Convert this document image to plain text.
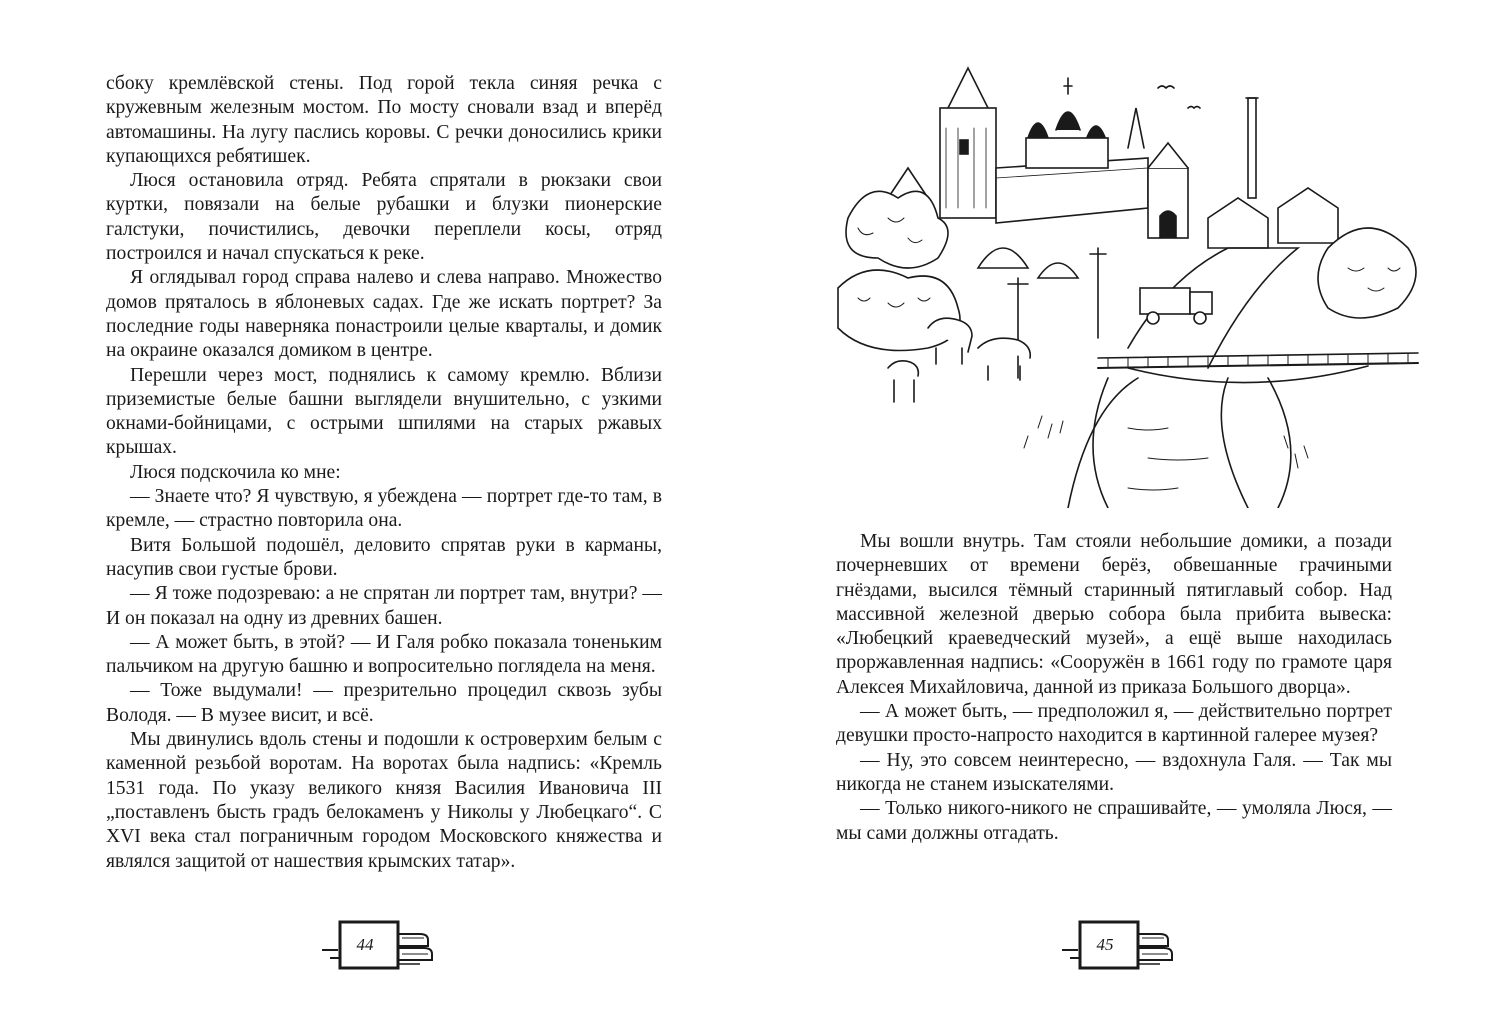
сбоку кремлёвской стены. Под горой текла синяя речка с кружевным железным мостом. По мосту сновали взад и вперёд автомашины. На лугу паслись коровы. С речки доносились крики купающихся ребятишек.

Люся остановила отряд. Ребята спрятали в рюкзаки свои куртки, повязали на белые рубашки и блузки пионерские галстуки, почистились, девочки переплели косы, отряд построился и начал спускаться к реке.

Я оглядывал город справа налево и слева направо. Множество домов пряталось в яблоневых садах. Где же искать портрет? За последние годы наверняка понастроили целые кварталы, и домик на окраине оказался домиком в центре.

Перешли через мост, поднялись к самому кремлю. Вблизи приземистые белые башни выглядели внушительно, с узкими окнами-бойницами, с острыми шпилями на старых ржавых крышах.

Люся подскочила ко мне:

— Знаете что? Я чувствую, я убеждена — портрет где-то там, в кремле, — страстно повторила она.

Витя Большой подошёл, деловито спрятав руки в карманы, насупив свои густые брови.

— Я тоже подозреваю: а не спрятан ли портрет там, внутри? — И он показал на одну из древних башен.

— А может быть, в этой? — И Галя робко показала тоненьким пальчиком на другую башню и вопросительно поглядела на меня.

— Тоже выдумали! — презрительно процедил сквозь зубы Володя. — В музее висит, и всё.

Мы двинулись вдоль стены и подошли к островерхим белым с каменной резьбой воротам. На воротах была надпись: «Кремль 1531 года. По указу великого князя Василия Ивановича III „поставленъ бысть градъ белокаменъ у Николы у Любецкаго“. С XVI века стал пограничным городом Московского княжества и являлся защитой от нашествия крымских татар».

44

Мы вошли внутрь. Там стояли небольшие домики, а позади почерневших от времени берёз, обвешанные грачиными гнёздами, высился тёмный старинный пятиглавый собор. Над массивной железной дверью собора была прибита вывеска: «Любецкий краеведческий музей», а ещё выше находилась проржавленная надпись: «Сооружён в 1661 году по грамоте царя Алексея Михайловича, данной из приказа Большого дворца».

— А может быть, — предположил я, — действительно портрет девушки просто-напросто находится в картинной галерее музея?

— Ну, это совсем неинтересно, — вздохнула Галя. — Так мы никогда не станем изыскателями.

— Только никого-никого не спрашивайте, — умоляла Люся, — мы сами должны отгадать.

45
